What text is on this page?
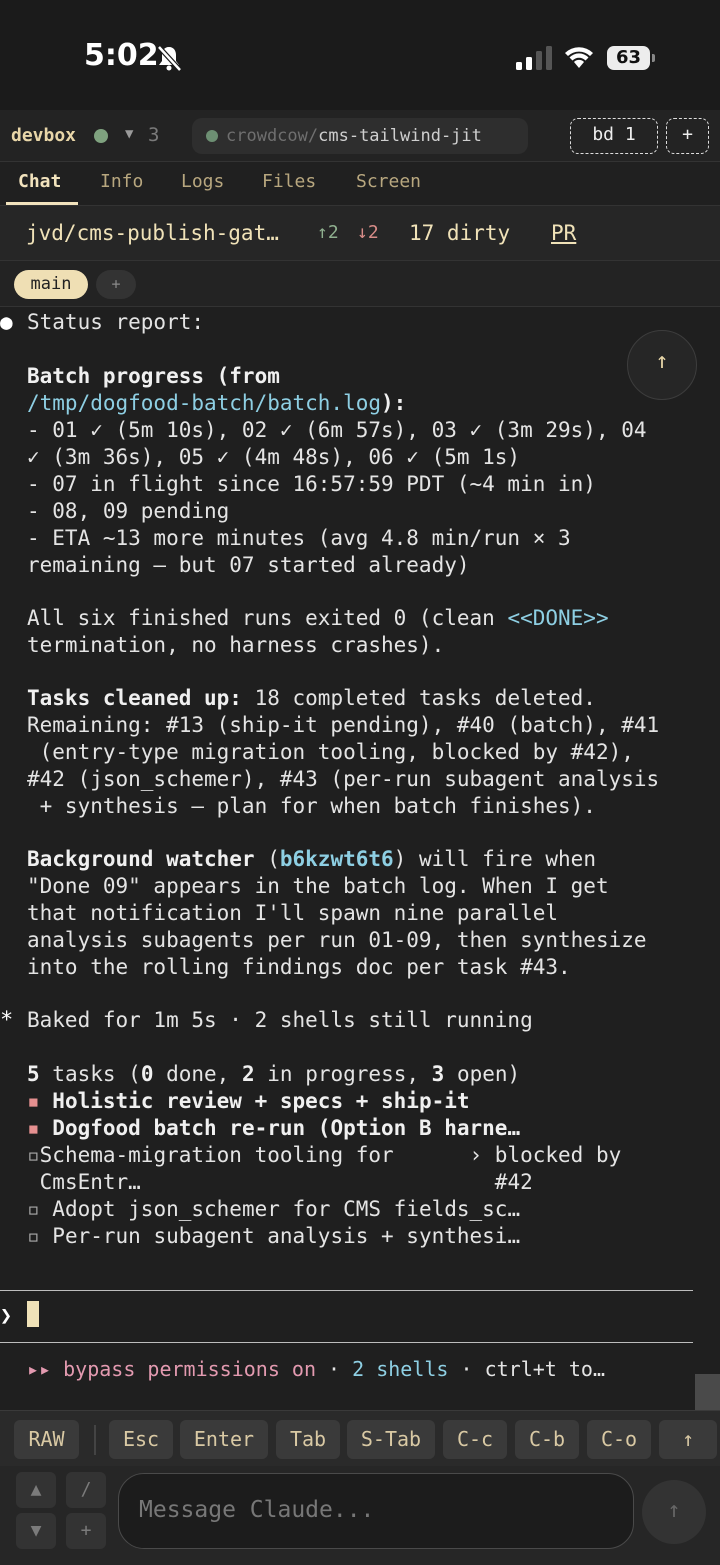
5:02	63
devbox	▼ 3	crowdcow/cms-tailwind-jit	bd 1	+
Chat Info Logs Files Screen
jvd/cms-publish-gat… ↑2 ↓2 17 dirty PR
main	+
● Status report:
↑
Batch progress (from
/tmp/dogfood-batch/batch.log):
- 01 ✓ (5m 10s), 02 ✓ (6m 57s), 03 ✓ (3m 29s), 04
✓ (3m 36s), 05 ✓ (4m 48s), 06 ✓ (5m 1s)
- 07 in flight since 16:57:59 PDT (~4 min in)
- 08, 09 pending
- ETA ~13 more minutes (avg 4.8 min/run × 3
remaining — but 07 started already)
All six finished runs exited 0 (clean <<DONE>>
termination, no harness crashes).
Tasks cleaned up: 18 completed tasks deleted.
Remaining: #13 (ship-it pending), #40 (batch), #41
(entry-type migration tooling, blocked by #42),
#42 (json_schemer), #43 (per-run subagent analysis
+ synthesis — plan for when batch finishes).
Background watcher (b6kzwt6t6) will fire when
"Done 09" appears in the batch log. When I get
that notification I'll spawn nine parallel
analysis subagents per run 01-09, then synthesize
into the rolling findings doc per task #43.
* Baked for 1m 5s · 2 shells still running
5 tasks (0 done, 2 in progress, 3 open)
▪ Holistic review + specs + ship-it
▪ Dogfood batch re-run (Option B harne…
▫Schema-migration tooling for      › blocked by
CmsEntr…                            #42
▫ Adopt json_schemer for CMS fields_sc…
▫ Per-run subagent analysis + synthesi…
❯
▸▸ bypass permissions on · 2 shells · ctrl+t to…
RAW	Esc	Enter	Tab	S-Tab	C-c	C-b	C-o	↑
▲	/
▼	+
Message Claude...	↑
